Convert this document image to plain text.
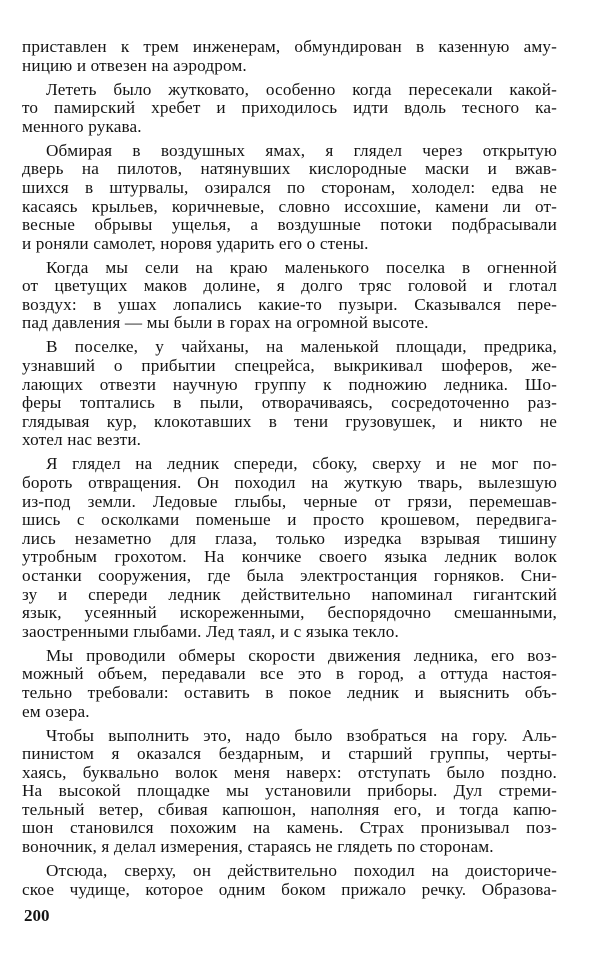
приставлен к трем инженерам, обмундирован в казенную аму-
ницию и отвезен на аэродром.
Лететь было жутковато, особенно когда пересекали какой-
то памирский хребет и приходилось идти вдоль тесного ка-
менного рукава.
Обмирая в воздушных ямах, я глядел через открытую
дверь на пилотов, натянувших кислородные маски и вжав-
шихся в штурвалы, озирался по сторонам, холодел: едва не
касаясь крыльев, коричневые, словно иссохшие, камени ли от-
весные обрывы ущелья, а воздушные потоки подбрасывали
и роняли самолет, норовя ударить его о стены.
Когда мы сели на краю маленького поселка в огненной
от цветущих маков долине, я долго тряс головой и глотал
воздух: в ушах лопались какие-то пузыри. Сказывался пере-
пад давления — мы были в горах на огромной высоте.
В поселке, у чайханы, на маленькой площади, предрика,
узнавший о прибытии спецрейса, выкрикивал шоферов, же-
лающих отвезти научную группу к подножию ледника. Шо-
феры топтались в пыли, отворачиваясь, сосредоточенно раз-
глядывая кур, клокотавших в тени грузовушек, и никто не
хотел нас везти.
Я глядел на ледник спереди, сбоку, сверху и не мог по-
бороть отвращения. Он походил на жуткую тварь, вылезшую
из-под земли. Ледовые глыбы, черные от грязи, перемешав-
шись с осколками поменьше и просто крошевом, передвига-
лись незаметно для глаза, только изредка взрывая тишину
утробным грохотом. На кончике своего языка ледник волок
останки сооружения, где была электростанция горняков. Сни-
зу и спереди ледник действительно напоминал гигантский
язык, усеянный искореженными, беспорядочно смешанными,
заостренными глыбами. Лед таял, и с языка текло.
Мы проводили обмеры скорости движения ледника, его воз-
можный объем, передавали все это в город, а оттуда настоя-
тельно требовали: оставить в покое ледник и выяснить объ-
ем озера.
Чтобы выполнить это, надо было взобраться на гору. Аль-
пинистом я оказался бездарным, и старший группы, черты-
хаясь, буквально волок меня наверх: отступать было поздно.
На высокой площадке мы установили приборы. Дул стреми-
тельный ветер, сбивая капюшон, наполняя его, и тогда капю-
шон становился похожим на камень. Страх пронизывал поз-
воночник, я делал измерения, стараясь не глядеть по сторонам.
Отсюда, сверху, он действительно походил на доисториче-
ское чудище, которое одним боком прижало речку. Образова-
200
